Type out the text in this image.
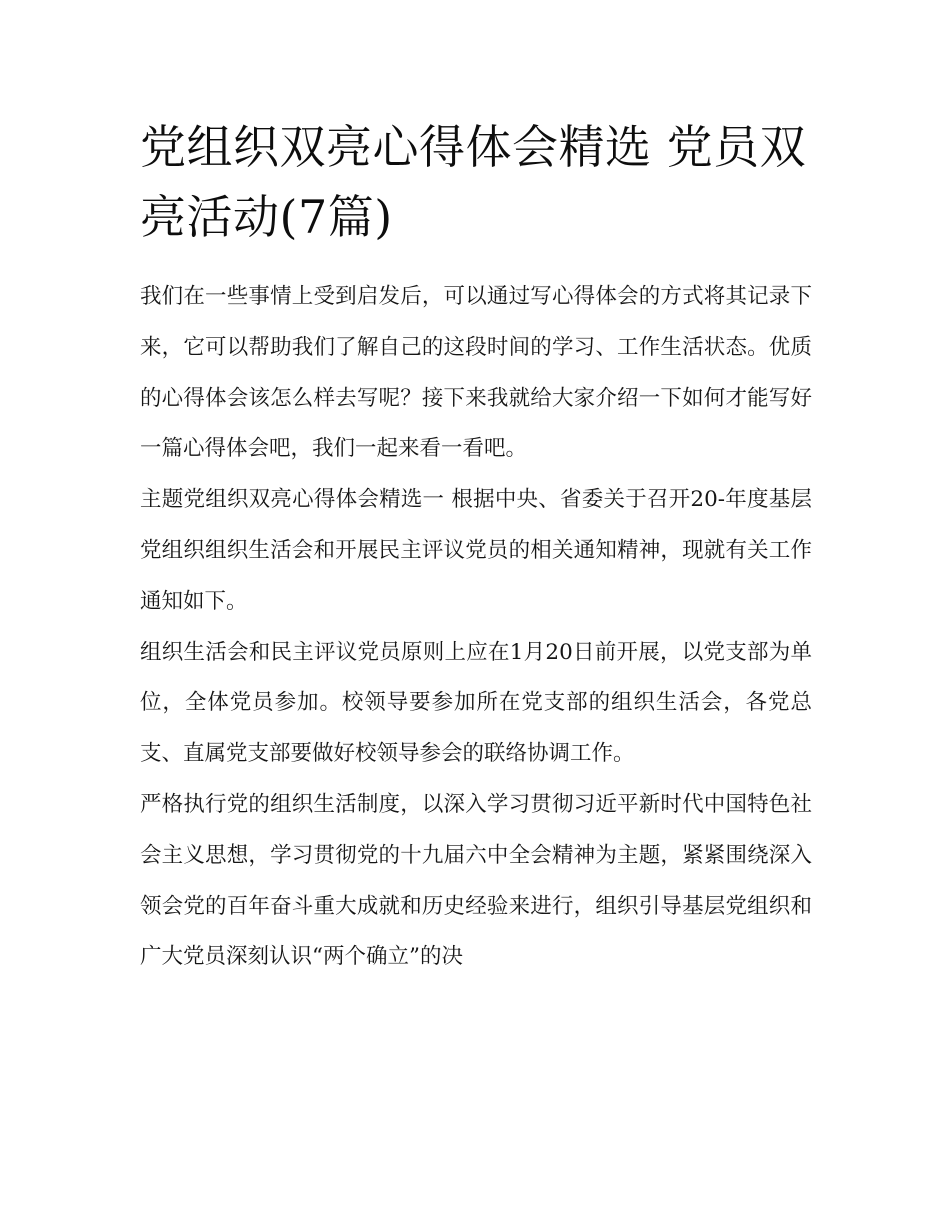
党组织双亮心得体会精选 党员双亮活动(7篇)

我们在一些事情上受到启发后，可以通过写心得体会的方式将其记录下来，它可以帮助我们了解自己的这段时间的学习、工作生活状态。优质的心得体会该怎么样去写呢？接下来我就给大家介绍一下如何才能写好一篇心得体会吧，我们一起来看一看吧。

主题党组织双亮心得体会精选一 根据中央、省委关于召开20-年度基层党组织组织生活会和开展民主评议党员的相关通知精神，现就有关工作通知如下。

组织生活会和民主评议党员原则上应在1月20日前开展，以党支部为单位，全体党员参加。校领导要参加所在党支部的组织生活会，各党总支、直属党支部要做好校领导参会的联络协调工作。

严格执行党的组织生活制度，以深入学习贯彻习近平新时代中国特色社会主义思想，学习贯彻党的十九届六中全会精神为主题，紧紧围绕深入领会党的百年奋斗重大成就和历史经验来进行，组织引导基层党组织和广大党员深刻认识“两个确立”的决
